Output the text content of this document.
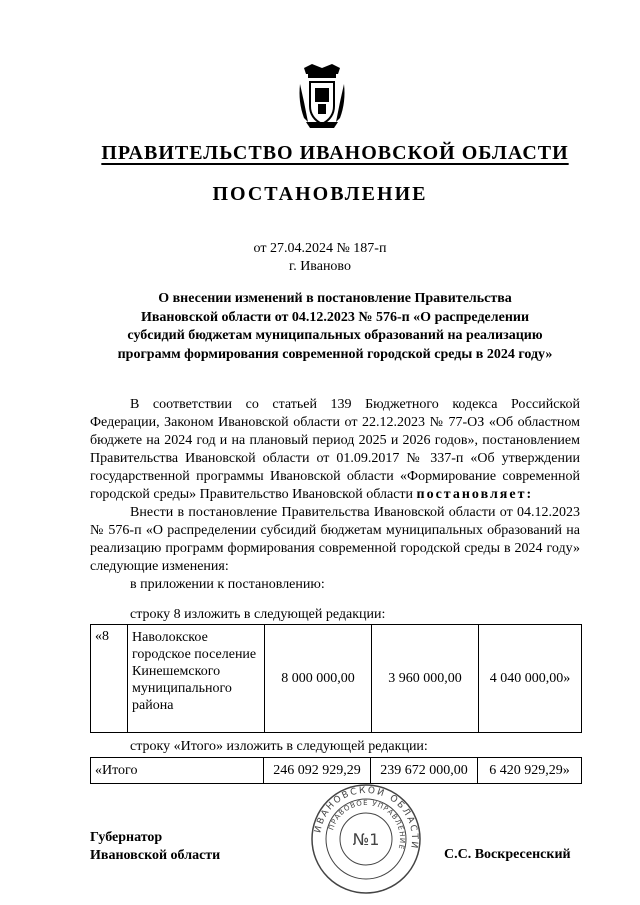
ПРАВИТЕЛЬСТВО ИВАНОВСКОЙ ОБЛАСТИ
ПОСТАНОВЛЕНИЕ
от 27.04.2024 № 187-п
г. Иваново
О внесении изменений в постановление Правительства
Ивановской области от 04.12.2023 № 576-п «О распределении
субсидий бюджетам муниципальных образований на реализацию
программ формирования современной городской среды в 2024 году»

В соответствии со статьей 139 Бюджетного кодекса Российской Федерации, Законом Ивановской области от 22.12.2023 № 77-ОЗ «Об областном бюджете на 2024 год и на плановый период 2025 и 2026 годов», постановлением Правительства Ивановской области от 01.09.2017 № 337-п «Об утверждении государственной программы Ивановской области «Формирование современной городской среды» Правительство Ивановской области постановляет:

Внести в постановление Правительства Ивановской области от 04.12.2023 № 576-п «О распределении субсидий бюджетам муниципальных образований на реализацию программ формирования современной городской среды в 2024 году» следующие изменения:

в приложении к постановлению:

строку 8 изложить в следующей редакции:
«8	Наволокское городское поселение Кинешемского муниципального района	8 000 000,00	3 960 000,00	4 040 000,00»
строку «Итого» изложить в следующей редакции:
«Итого	246 092 929,29	239 672 000,00	6 420 929,29»
ИВАНОВСКОЙ ОБЛАСТИ
ПРАВОВОЕ УПРАВЛЕНИЕ
№1
Губернатор
Ивановской области	С.С. Воскресенский
